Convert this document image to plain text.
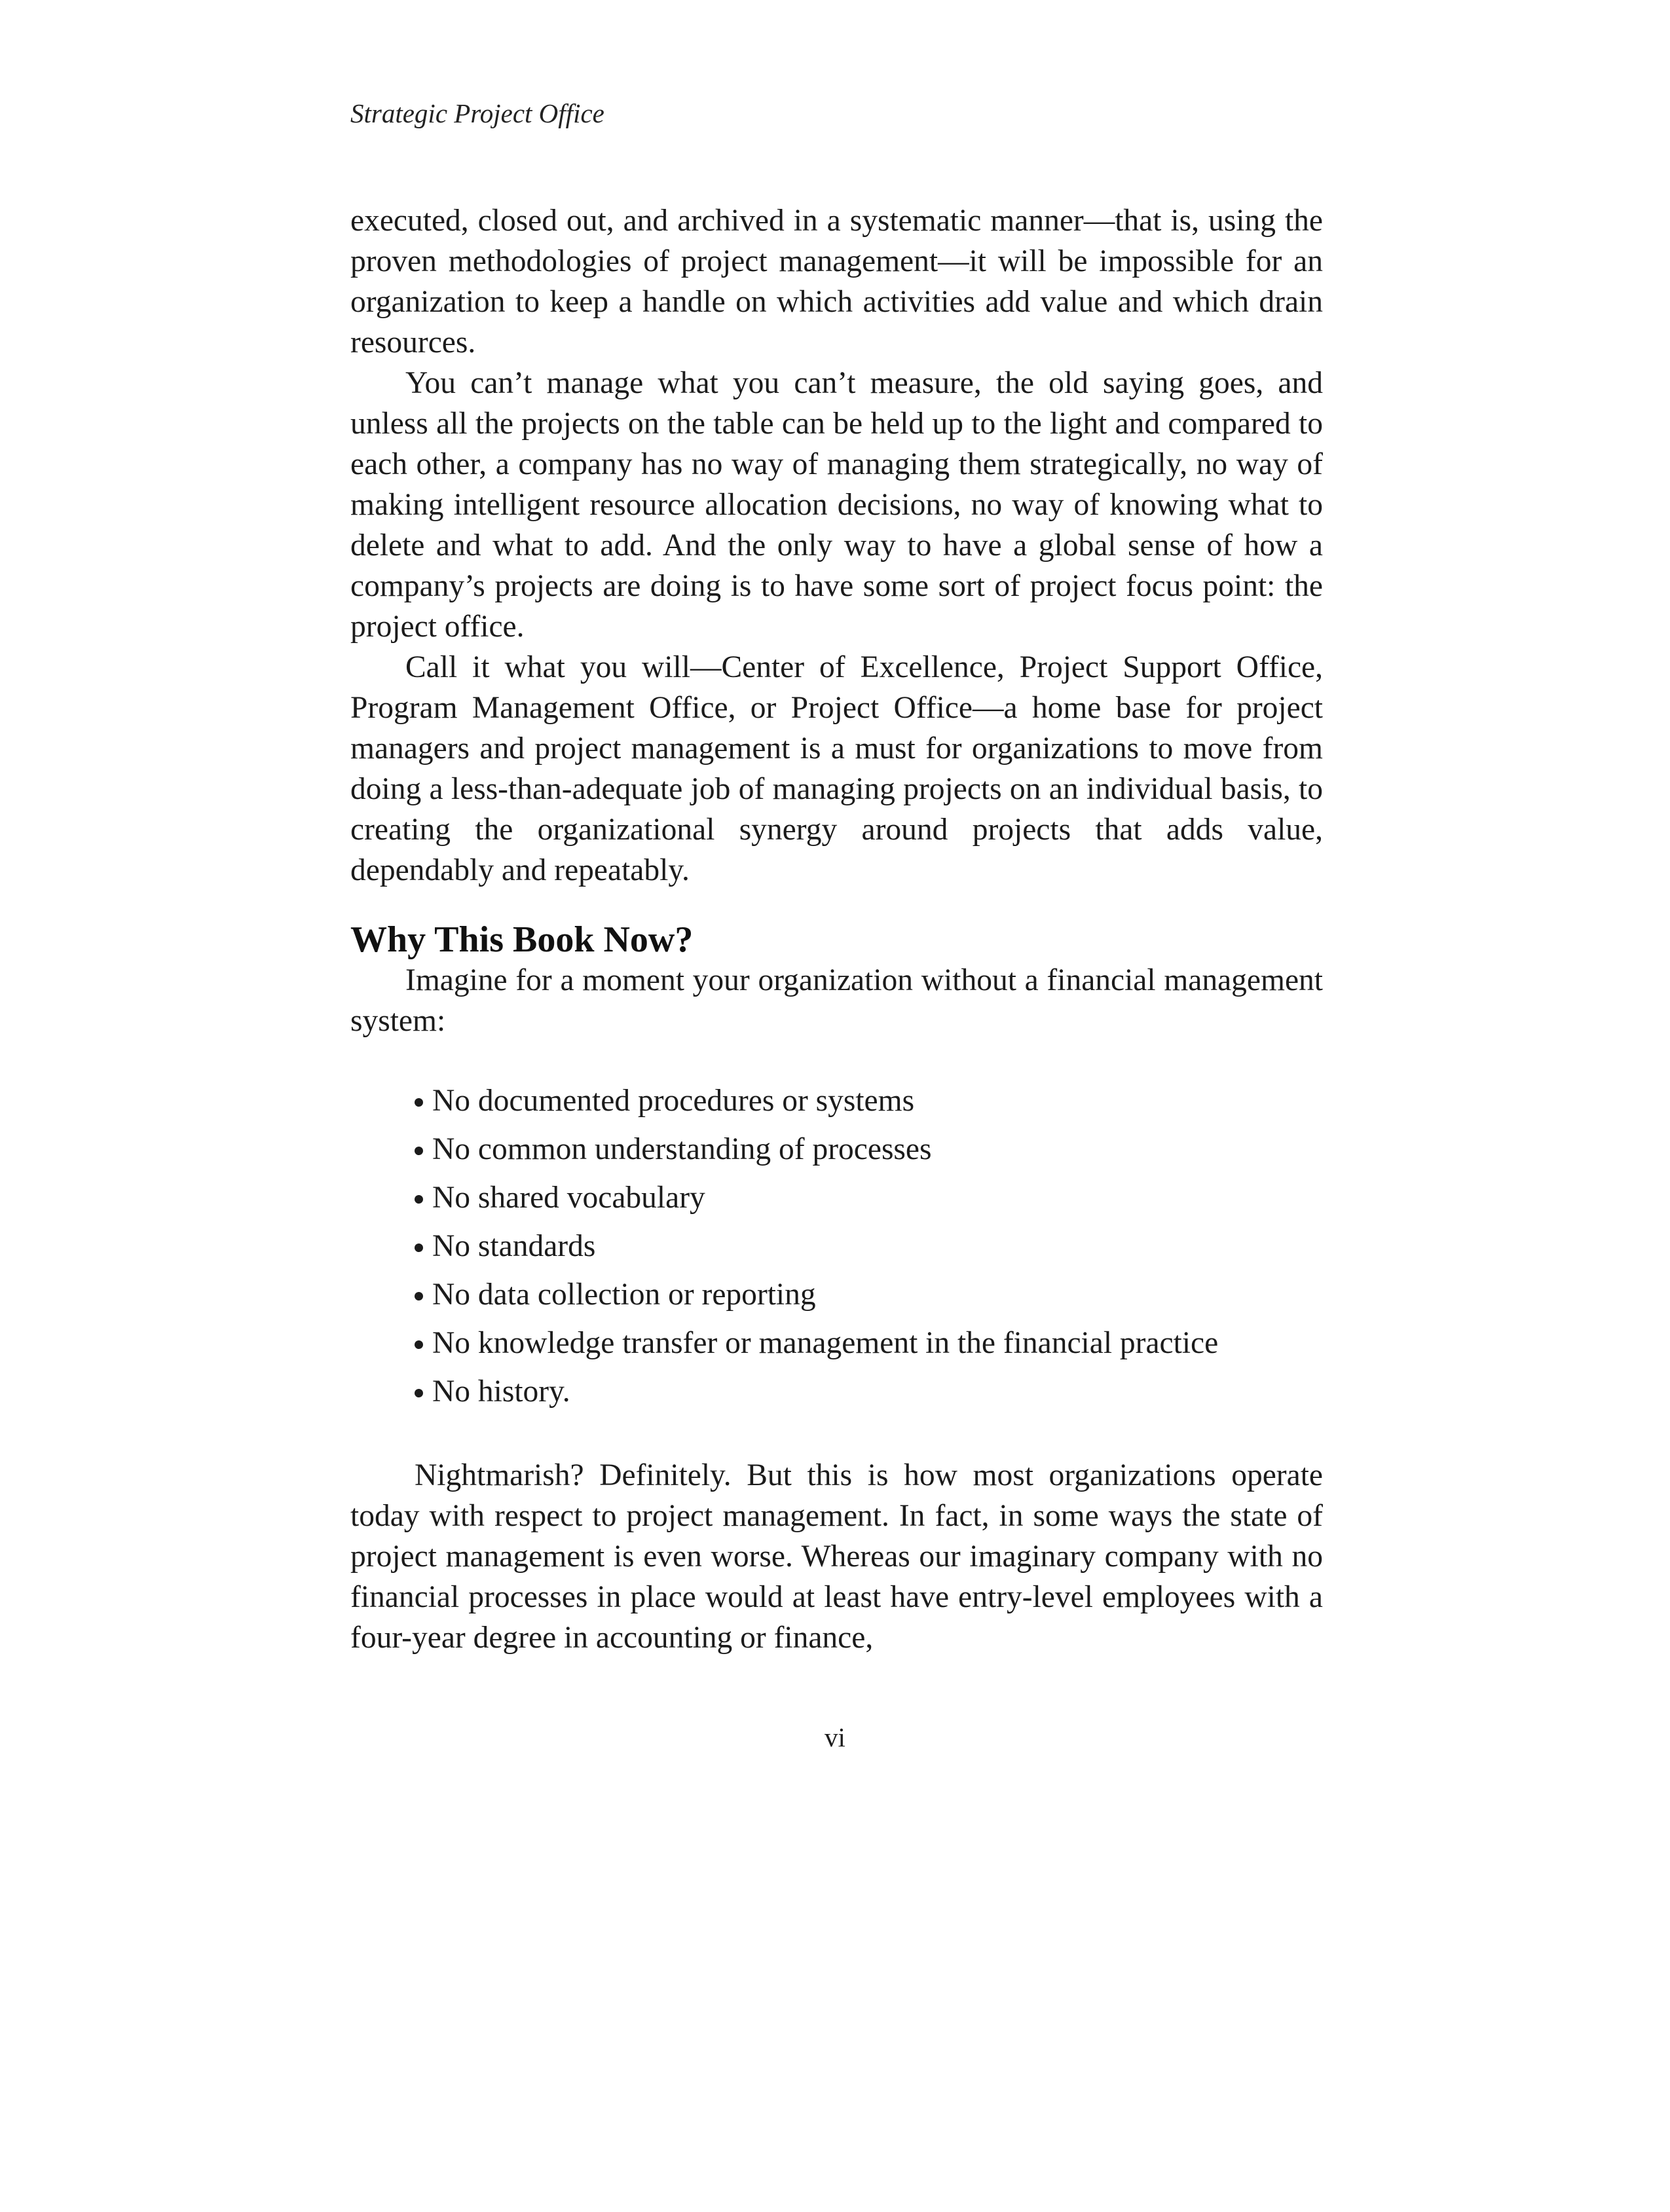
Strategic Project Office

executed, closed out, and archived in a systematic manner—that is, using the proven methodologies of project management—it will be impossible for an organization to keep a handle on which activities add value and which drain resources.

You can’t manage what you can’t measure, the old saying goes, and unless all the projects on the table can be held up to the light and compared to each other, a company has no way of managing them strategically, no way of making intelligent resource allocation decisions, no way of knowing what to delete and what to add. And the only way to have a global sense of how a company’s projects are doing is to have some sort of project focus point: the project office.

Call it what you will—Center of Excellence, Project Support Office, Program Management Office, or Project Office—a home base for project managers and project management is a must for organizations to move from doing a less-than-adequate job of managing projects on an individual basis, to creating the organizational synergy around projects that adds value, dependably and repeatably.

Why This Book Now?

Imagine for a moment your organization without a financial management system:

No documented procedures or systems
No common understanding of processes
No shared vocabulary
No standards
No data collection or reporting
No knowledge transfer or management in the financial practice
No history.

Nightmarish? Definitely. But this is how most organizations operate today with respect to project management. In fact, in some ways the state of project management is even worse. Whereas our imaginary company with no financial processes in place would at least have entry-level employees with a four-year degree in accounting or finance,

vi
